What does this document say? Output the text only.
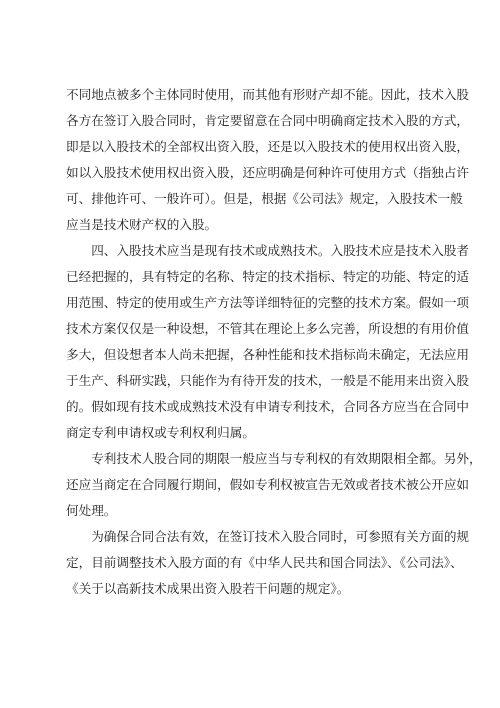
不同地点被多个主体同时使用，而其他有形财产却不能。因此，技术入股
各方在签订入股合同时，肯定要留意在合同中明确商定技术入股的方式，
即是以入股技术的全部权出资入股，还是以入股技术的使用权出资入股，
如以入股技术使用权出资入股，还应明确是何种许可使用方式（指独占许
可、排他许可、一般许可）。但是，根据《公司法》规定，入股技术一般
应当是技术财产权的入股。
　　四、入股技术应当是现有技术或成熟技术。入股技术应是技术入股者
已经把握的，具有特定的名称、特定的技术指标、特定的功能、特定的适
用范围、特定的使用或生产方法等详细特征的完整的技术方案。假如一项
技术方案仅仅是一种设想，不管其在理论上多么完善，所设想的有用价值
多大，但设想者本人尚未把握，各种性能和技术指标尚未确定，无法应用
于生产、科研实践，只能作为有待开发的技术，一般是不能用来出资入股
的。假如现有技术或成熟技术没有申请专利技术，合同各方应当在合同中
商定专利申请权或专利权利归属。
　　专利技术人股合同的期限一般应当与专利权的有效期限相全都。另外，
还应当商定在合同履行期间，假如专利权被宣告无效或者技术被公开应如
何处理。
　　为确保合同合法有效，在签订技术入股合同时，可参照有关方面的规
定，目前调整技术入股方面的有《中华人民共和国合同法》、《公司法》、
《关于以高新技术成果出资入股若干问题的规定》。
